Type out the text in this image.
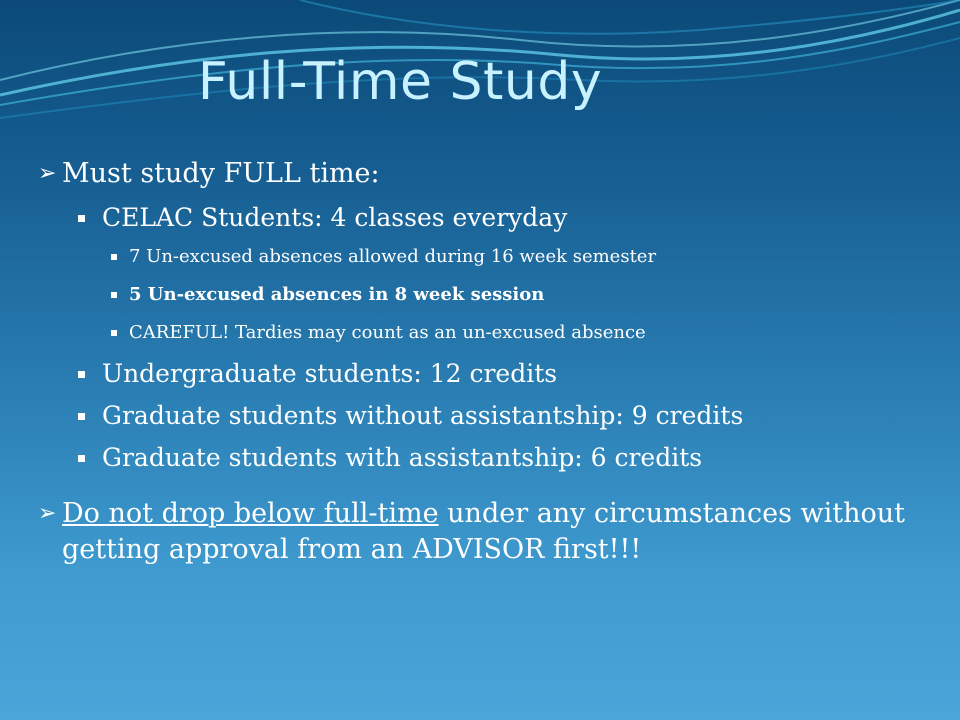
Full-Time Study
➢ Must study FULL time:
CELAC Students: 4 classes everyday
7 Un-excused absences allowed during 16 week semester
5 Un-excused absences in 8 week session
CAREFUL! Tardies may count as an un-excused absence
Undergraduate students: 12 credits
Graduate students without assistantship: 9 credits
Graduate students with assistantship: 6 credits
➢ Do not drop below full-time under any circumstances without getting approval from an ADVISOR first!!!
